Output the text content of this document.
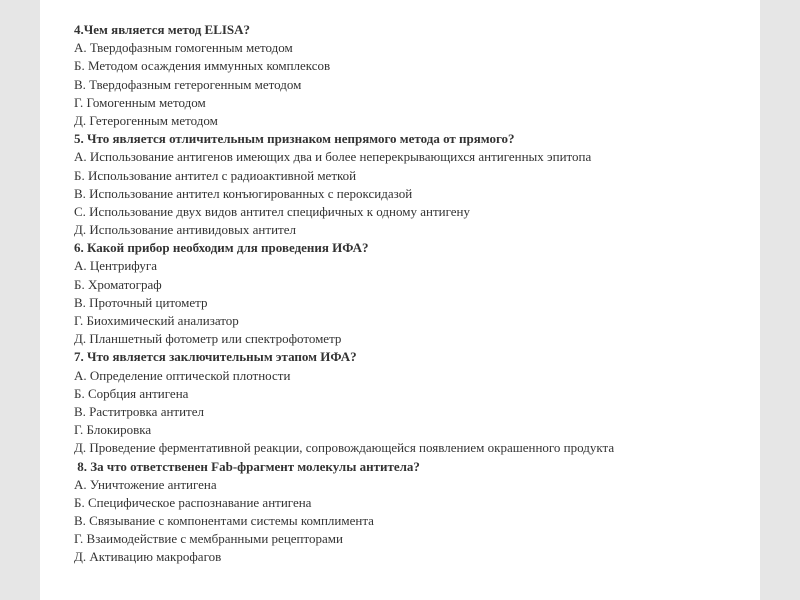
4.Чем является метод ELISA?
А. Твердофазным гомогенным методом
Б. Методом осаждения иммунных комплексов
В. Твердофазным гетерогенным методом
Г. Гомогенным методом
Д. Гетерогенным методом
5. Что является отличительным признаком непрямого метода от прямого?
А. Использование антигенов имеющих два и более неперекрывающихся антигенных эпитопа
Б. Использование антител с радиоактивной меткой
В. Использование антител конъюгированных с пероксидазой
С. Использование двух видов антител специфичных к одному антигену
Д. Использование антивидовых антител
6. Какой прибор необходим для проведения ИФА?
А. Центрифуга
Б. Хроматограф
В. Проточный цитометр
Г. Биохимический анализатор
Д. Планшетный фотометр или спектрофотометр
7. Что является заключительным этапом ИФА?
А. Определение оптической плотности
Б. Сорбция антигена
В. Раститровка антител
Г. Блокировка
Д. Проведение ферментативной реакции, сопровождающейся появлением окрашенного продукта
8. За что ответственен Fab-фрагмент молекулы антитела?
А. Уничтожение антигена
Б. Специфическое распознавание антигена
В. Связывание с компонентами системы комплимента
Г. Взаимодействие с мембранными рецепторами
Д. Активацию макрофагов
